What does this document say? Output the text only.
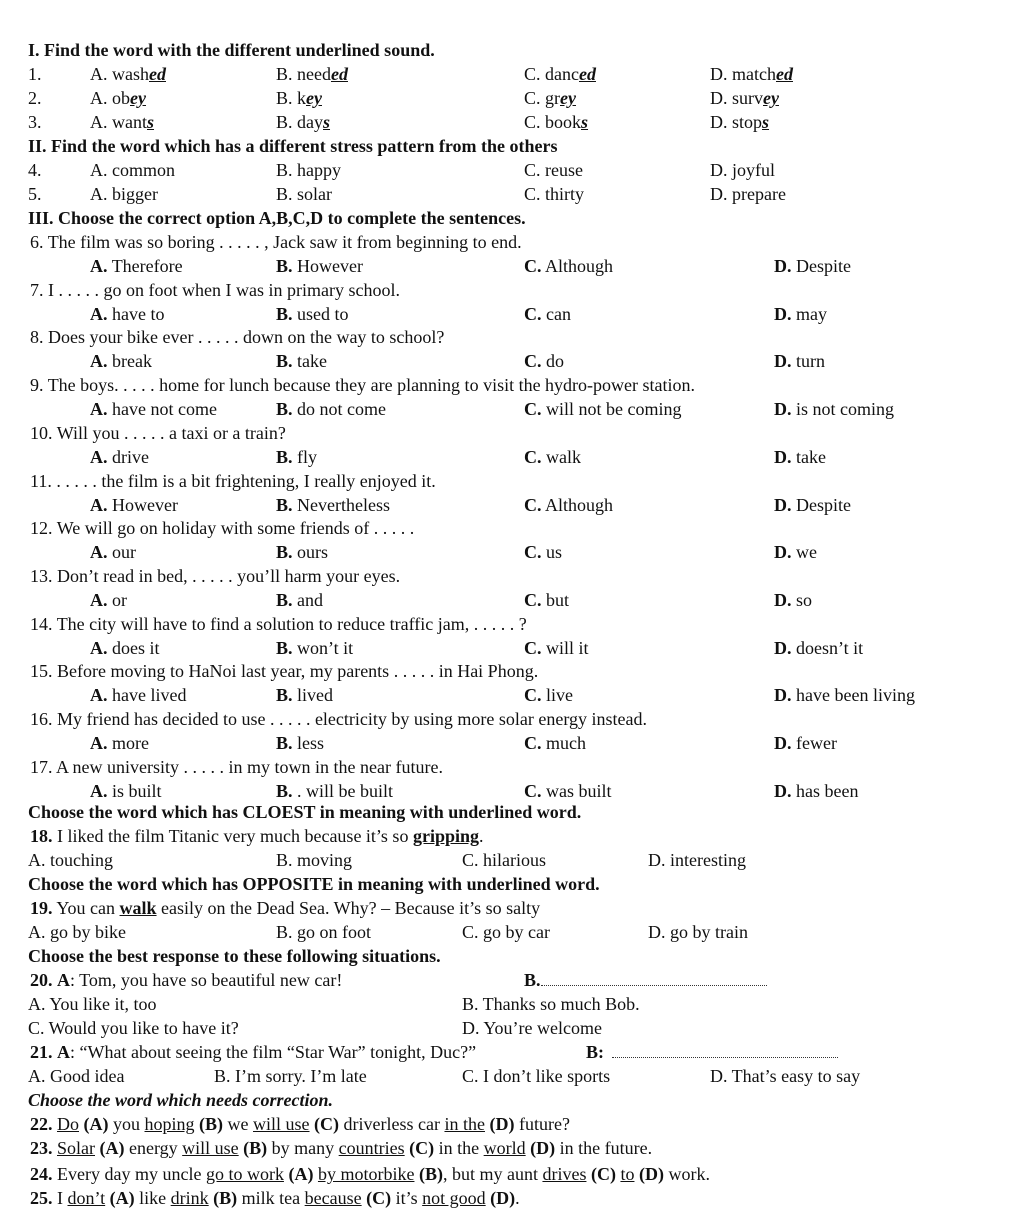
I. Find the word with the different underlined sound.
1.	A. washed	B. needed	C. danced	D. matched
2.	A. obey	B. key	C. grey	D. survey
3.	A. wants	B. days	C. books	D. stops
II. Find the word which has a different stress pattern from the others
4.	A. common	B. happy	C. reuse	D. joyful
5.	A. bigger	B. solar	C. thirty	D. prepare
III. Choose the correct option A,B,C,D to complete the sentences.
6. The film was so boring . . . . . , Jack saw it from beginning to end.
A. Therefore	B. However	C. Although	D. Despite
7. I . . . . . go on foot when I was in primary school.
A. have to	B. used to	C. can	D. may
8. Does your bike ever . . . . . down on the way to school?
A. break	B. take	C. do	D. turn
9. The boys. . . . . home for lunch because they are planning to visit the hydro-power station.
A. have not come	B. do not come	C. will not be coming	D. is not coming
10. Will you . . . . . a taxi or a train?
A. drive	B. fly	C. walk	D. take
11. . . . . . the film is a bit frightening, I really enjoyed it.
A. However	B. Nevertheless	C. Although	D. Despite
12. We will go on holiday with some friends of . . . . .
A. our	B. ours	C. us	D. we
13. Don’t read in bed, . . . . . you’ll harm your eyes.
A. or	B. and	C. but	D. so
14. The city will have to find a solution to reduce traffic jam, . . . . . ?
A. does it	B. won’t it	C. will it	D. doesn’t it
15. Before moving to HaNoi last year, my parents . . . . . in Hai Phong.
A. have lived	B. lived	C. live	D. have been living
16. My friend has decided to use . . . . . electricity by using more solar energy instead.
A. more	B. less	C. much	D. fewer
17. A new university . . . . . in my town in the near future.
A. is built	B. . will be built	C. was built	D. has been
Choose the word which has CLOEST in meaning with underlined word.
18. I liked the film Titanic very much because it’s so gripping.
A. touching	B. moving	C. hilarious	D. interesting
Choose the word which has OPPOSITE in meaning with underlined word.
19. You can walk easily on the Dead Sea. Why? – Because it’s so salty
A. go by bike	B. go on foot	C. go by car	D. go by train
Choose the best response to these following situations.
20. A: Tom, you have so beautiful new car!	B.
A. You like it, too	B. Thanks so much Bob.
C. Would you like to have it?	D. You’re welcome
21. A: “What about seeing the film “Star War” tonight, Duc?”	B:
A. Good idea	B. I’m sorry. I’m late	C. I don’t like sports	D. That’s easy to say
Choose the word which needs correction.
22. Do (A) you hoping (B) we will use (C) driverless car in the (D) future?
23. Solar (A) energy will use (B) by many countries (C) in the world (D) in the future.
24. Every day my uncle go to work (A) by motorbike (B), but my aunt drives (C) to (D) work.
25. I don’t (A) like drink (B) milk tea because (C) it’s not good (D).
